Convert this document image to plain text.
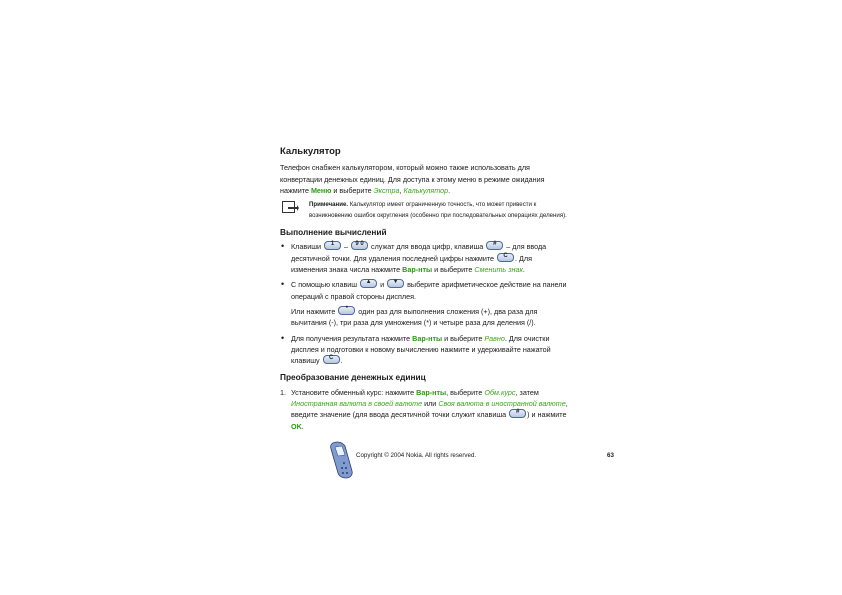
Калькулятор

Телефон снабжен калькулятором, который можно также использовать для конвертации денежных единиц. Для доступа к этому меню в режиме ожидания нажмите Меню и выберите Экстра, Калькулятор.

Примечание. Калькулятор имеет ограниченную точность, что может привести к возникновению ошибок округления (особенно при последовательных операциях деления).
Выполнение вычислений
• Клавиши	1	– 9 0 служат для ввода цифр, клавиша	#	– для ввода десятичной точки. Для удаления последней цифры нажмите	C	. Для изменения знака числа нажмите Вар-нты и выберите Сменить знак.
• С помощью клавиш	▲ и	▼ выберите арифметическое действие на панели операций с правой стороны дисплея.

Или нажмите	*	один раз для выполнения сложения (+), два раза для вычитания (-), три раза для умножения (*) и четыре раза для деления (/).

• Для получения результата нажмите Вар-нты и выберите Равно. Для очистки дисплея и подготовки к новому вычислению нажмите и удерживайте нажатой клавишу	C	.
Преобразование денежных единиц
1. Установите обменный курс: нажмите Вар-нты, выберите Обм.курс, затем Иностранная валюта в своей валюте или Своя валюта в иностранной валюте, введите значение (для ввода десятичной точки служит клавиша	#	) и нажмите OK.
Copyright © 2004 Nokia. All rights reserved.	63
